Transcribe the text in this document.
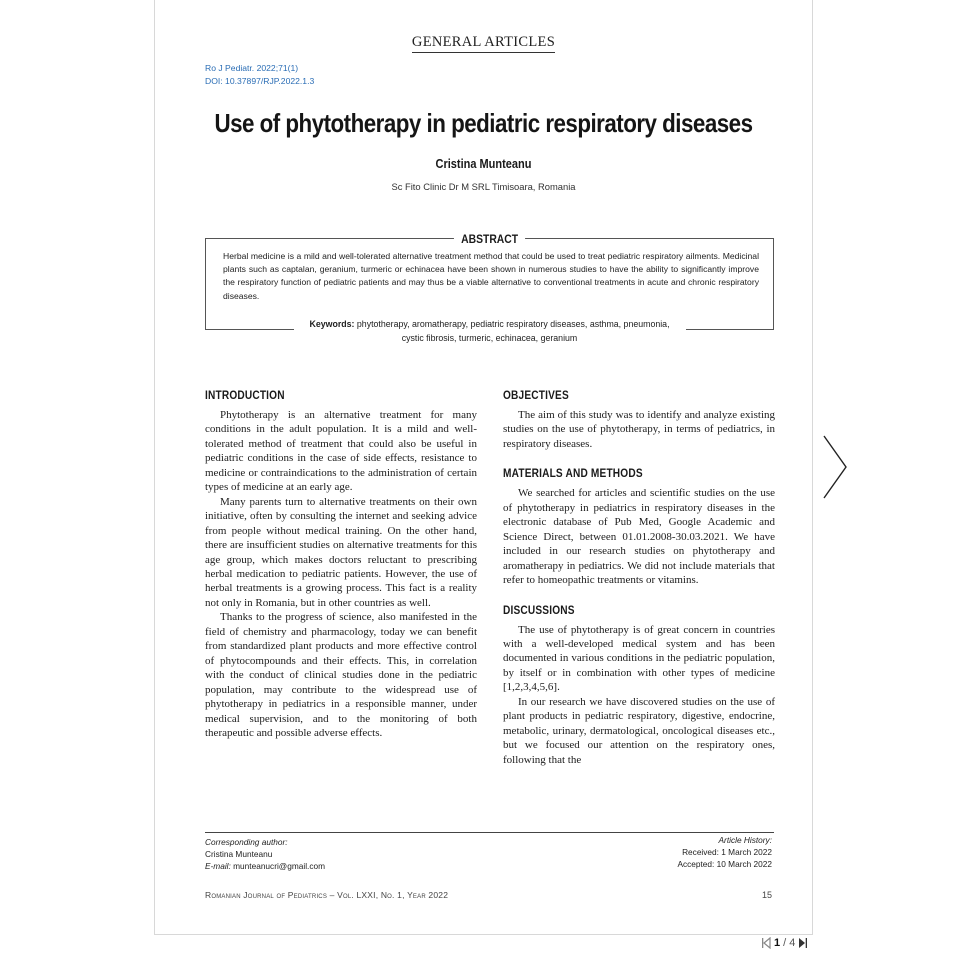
GENERAL ARTICLES
Ro J Pediatr. 2022;71(1)
DOI: 10.37897/RJP.2022.1.3
Use of phytotherapy in pediatric respiratory diseases
Cristina Munteanu
Sc Fito Clinic Dr M SRL Timisoara, Romania
ABSTRACT
Herbal medicine is a mild and well-tolerated alternative treatment method that could be used to treat pediatric respiratory ailments. Medicinal plants such as captalan, geranium, turmeric or echinacea have been shown in numerous studies to have the ability to significantly improve the respiratory function of pediatric patients and may thus be a viable alternative to conventional treatments in acute and chronic respiratory diseases.
Keywords: phytotherapy, aromatherapy, pediatric respiratory diseases, asthma, pneumonia, cystic fibrosis, turmeric, echinacea, geranium
INTRODUCTION

Phytotherapy is an alternative treatment for many conditions in the adult population. It is a mild and well-tolerated method of treatment that could also be useful in pediatric conditions in the case of side effects, resistance to medicine or contraindications to the administration of certain types of medicine at an early age.

Many parents turn to alternative treatments on their own initiative, often by consulting the internet and seeking advice from people without medical training. On the other hand, there are insufficient studies on alternative treatments for this age group, which makes doctors reluctant to prescribing herbal medication to pediatric patients. However, the use of herbal treatments is a growing process. This fact is a reality not only in Romania, but in other countries as well.

Thanks to the progress of science, also manifested in the field of chemistry and pharmacology, today we can benefit from standardized plant products and more effective control of phytocompounds and their effects. This, in correlation with the conduct of clinical studies done in the pediatric population, may contribute to the widespread use of phytotherapy in pediatrics in a responsible manner, under medical supervision, and to the monitoring of both therapeutic and possible adverse effects.

OBJECTIVES

The aim of this study was to identify and analyze existing studies on the use of phytotherapy, in terms of pediatrics, in respiratory diseases.

MATERIALS AND METHODS

We searched for articles and scientific studies on the use of phytotherapy in pediatrics in respiratory diseases in the electronic database of Pub Med, Google Academic and Science Direct, between 01.01.2008-30.03.2021. We have included in our research studies on phytotherapy and aromatherapy in pediatrics. We did not include materials that refer to homeopathic treatments or vitamins.

DISCUSSIONS

The use of phytotherapy is of great concern in countries with a well-developed medical system and has been documented in various conditions in the pediatric population, by itself or in combination with other types of medicine [1,2,3,4,5,6].

In our research we have discovered studies on the use of plant products in pediatric respiratory, digestive, endocrine, metabolic, urinary, dermatological, oncological diseases etc., but we focused our attention on the respiratory ones, following that the

Corresponding author:
Cristina Munteanu
E-mail: munteanucri@gmail.com
Article History:
Received: 1 March 2022
Accepted: 10 March 2022
Romanian Journal of Pediatrics – Vol. LXXI, No. 1, Year 2022	15
1 / 4
